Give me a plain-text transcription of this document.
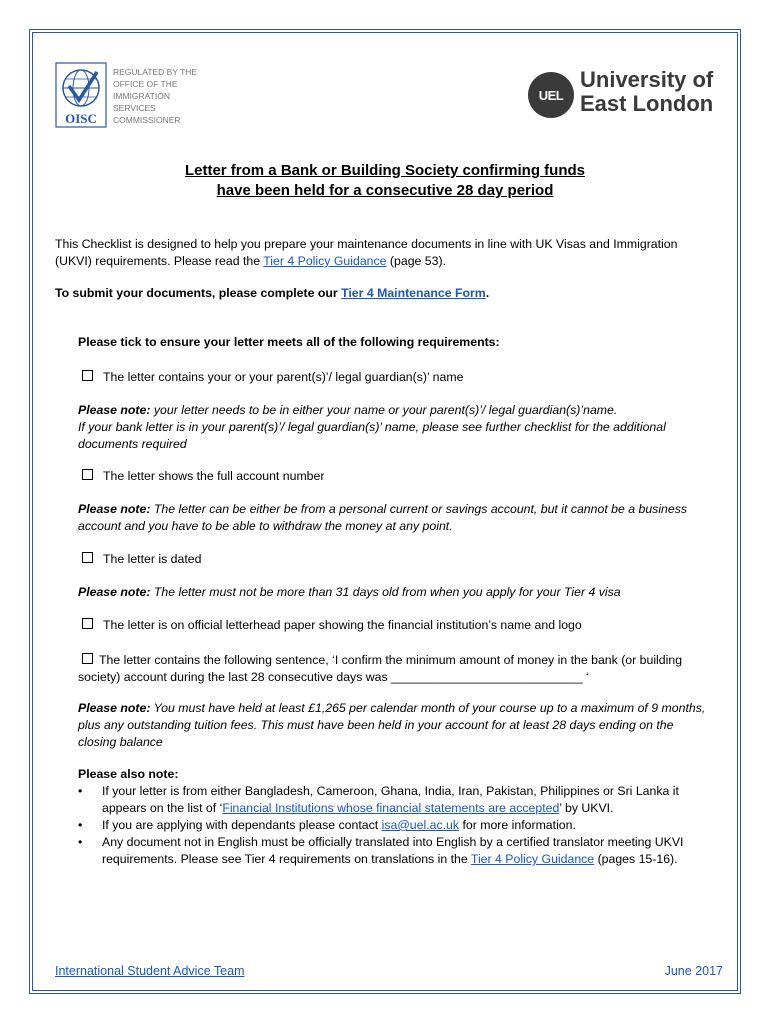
OISC
REGULATED BY THE
OFFICE OF THE
IMMIGRATION
SERVICES
COMMISSIONER
UEL
University of
East London
Letter from a Bank or Building Society confirming funds
have been held for a consecutive 28 day period
This Checklist is designed to help you prepare your maintenance documents in line with UK Visas and Immigration
(UKVI) requirements. Please read the Tier 4 Policy Guidance (page 53).
To submit your documents, please complete our Tier 4 Maintenance Form.
Please tick to ensure your letter meets all of the following requirements:
The letter contains your or your parent(s)’/ legal guardian(s)’ name
Please note: your letter needs to be in either your name or your parent(s)’/ legal guardian(s)’name.
If your bank letter is in your parent(s)’/ legal guardian(s)’ name, please see further checklist for the additional
documents required
The letter shows the full account number
Please note: The letter can be either be from a personal current or savings account, but it cannot be a business
account and you have to be able to withdraw the money at any point.
The letter is dated
Please note: The letter must not be more than 31 days old from when you apply for your Tier 4 visa
The letter is on official letterhead paper showing the financial institution’s name and logo
The letter contains the following sentence, ‘I confirm the minimum amount of money in the bank (or building
society) account during the last 28 consecutive days was ____________________________ ‘
Please note: You must have held at least £1,265 per calendar month of your course up to a maximum of 9 months,
plus any outstanding tuition fees. This must have been held in your account for at least 28 days ending on the
closing balance
Please also note:
• If your letter is from either Bangladesh, Cameroon, Ghana, India, Iran, Pakistan, Philippines or Sri Lanka it
appears on the list of ‘Financial Institutions whose financial statements are accepted’ by UKVI.
• If you are applying with dependants please contact isa@uel.ac.uk for more information.
• Any document not in English must be officially translated into English by a certified translator meeting UKVI
requirements. Please see Tier 4 requirements on translations in the Tier 4 Policy Guidance (pages 15-16).
International Student Advice Team	June 2017
